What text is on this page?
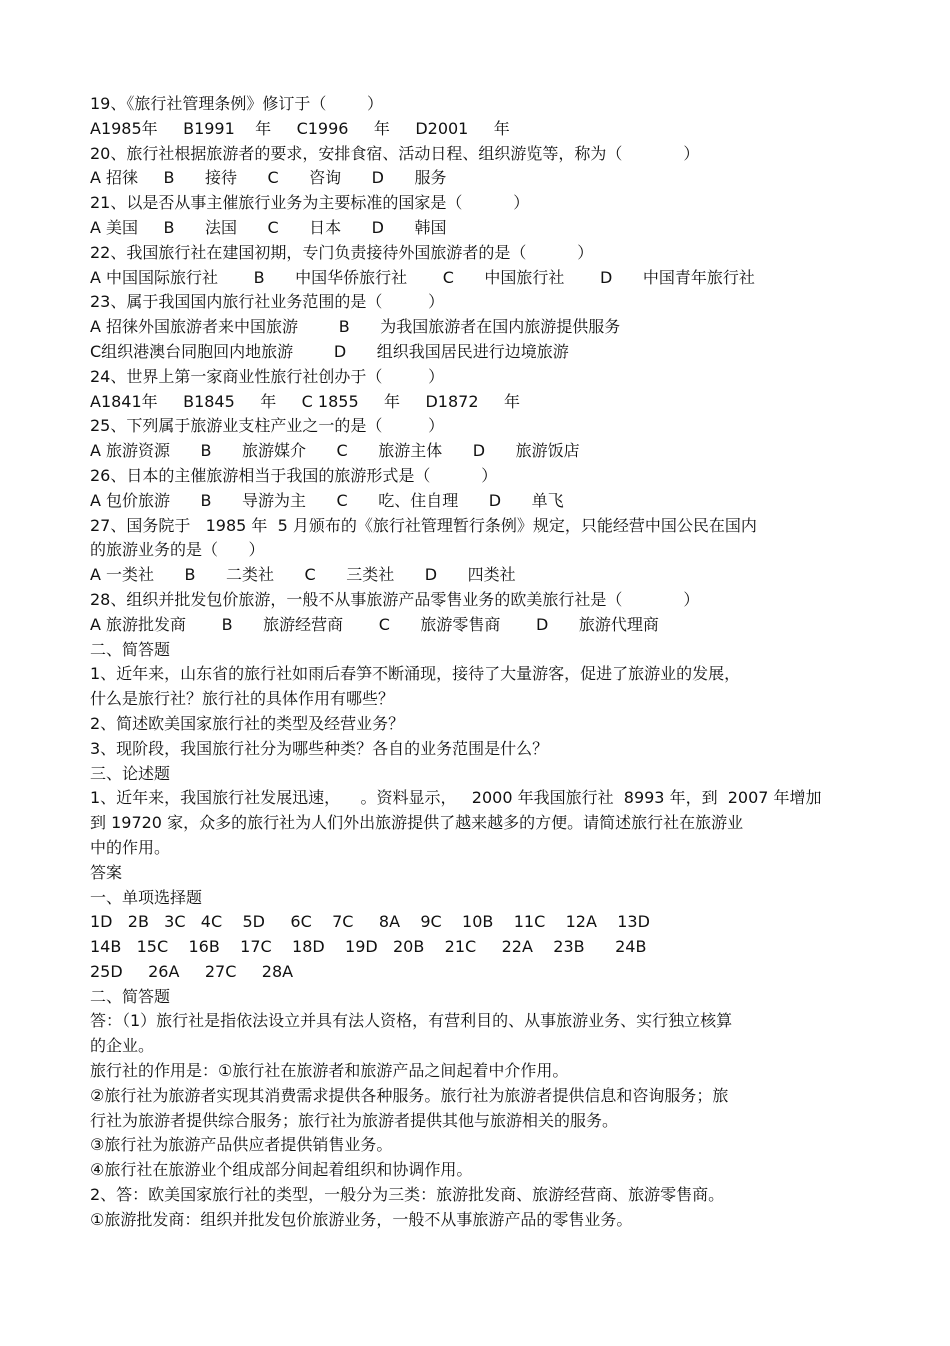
19、《旅行社管理条例》修订于（        ）
A1985年     B1991    年     C1996     年     D2001     年
20、旅行社根据旅游者的要求，安排食宿、活动日程、组织游览等，称为（            ）
A 招徕     B      接待      C      咨询      D      服务
21、以是否从事主催旅行业务为主要标准的国家是（          ）
A 美国     B      法国      C      日本      D      韩国
22、我国旅行社在建国初期，专门负责接待外国旅游者的是（          ）
A 中国国际旅行社       B      中国华侨旅行社       C      中国旅行社       D      中国青年旅行社
23、属于我国国内旅行社业务范围的是（         ）
A 招徕外国旅游者来中国旅游        B      为我国旅游者在国内旅游提供服务
C组织港澳台同胞回内地旅游        D      组织我国居民进行边境旅游
24、世界上第一家商业性旅行社创办于（         ）
A1841年     B1845     年     C 1855     年     D1872     年
25、下列属于旅游业支柱产业之一的是（         ）
A 旅游资源      B      旅游媒介      C      旅游主体      D      旅游饭店
26、日本的主催旅游相当于我国的旅游形式是（          ）
A 包价旅游      B      导游为主      C      吃、住自理      D      单飞
27、国务院于   1985 年  5 月颁布的《旅行社管理暂行条例》规定，只能经营中国公民在国内
的旅游业务的是（      ）
A 一类社      B      二类社      C      三类社      D      四类社
28、组织并批发包价旅游，一般不从事旅游产品零售业务的欧美旅行社是（            ）
A 旅游批发商       B      旅游经营商       C      旅游零售商       D      旅游代理商
二、简答题
1、近年来，山东省的旅行社如雨后春笋不断涌现，接待了大量游客，促进了旅游业的发展，
什么是旅行社？旅行社的具体作用有哪些？
2、简述欧美国家旅行社的类型及经营业务？
3、现阶段，我国旅行社分为哪些种类？各自的业务范围是什么？
三、论述题
1、近年来，我国旅行社发展迅速，    。资料显示，   2000 年我国旅行社  8993 年，到  2007 年增加
到 19720 家，众多的旅行社为人们外出旅游提供了越来越多的方便。请简述旅行社在旅游业
中的作用。
答案
一、单项选择题
1D   2B   3C   4C    5D     6C    7C     8A    9C    10B    11C    12A    13D
14B   15C    16B    17C    18D    19D   20B    21C     22A    23B      24B
25D     26A     27C     28A
二、简答题
答：（1）旅行社是指依法设立并具有法人资格，有营利目的、从事旅游业务、实行独立核算
的企业。
旅行社的作用是：①旅行社在旅游者和旅游产品之间起着中介作用。
②旅行社为旅游者实现其消费需求提供各种服务。旅行社为旅游者提供信息和咨询服务；旅
行社为旅游者提供综合服务；旅行社为旅游者提供其他与旅游相关的服务。
③旅行社为旅游产品供应者提供销售业务。
④旅行社在旅游业个组成部分间起着组织和协调作用。
2、答：欧美国家旅行社的类型，一般分为三类：旅游批发商、旅游经营商、旅游零售商。
①旅游批发商：组织并批发包价旅游业务，一般不从事旅游产品的零售业务。
